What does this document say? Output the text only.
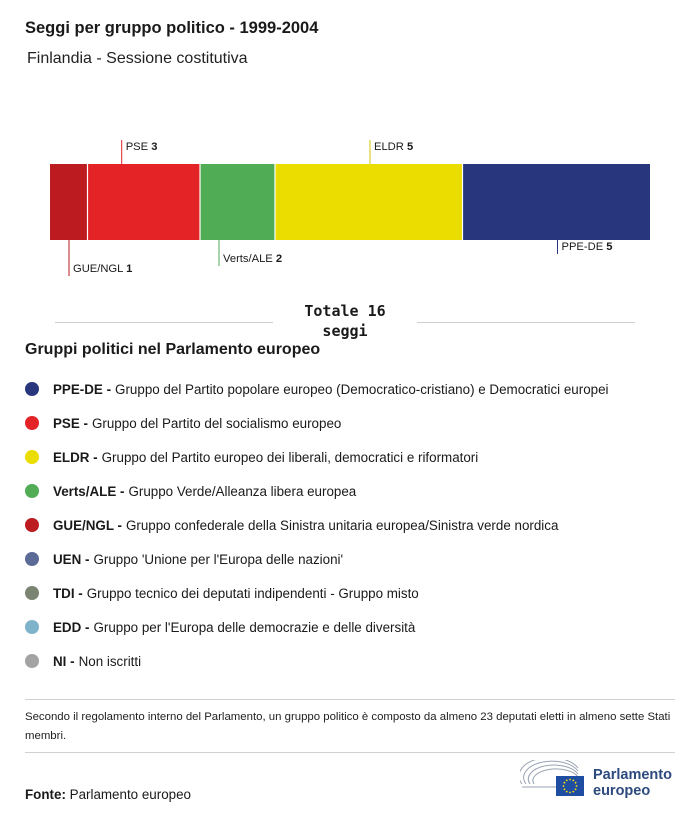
Seggi per gruppo politico - 1999-2004

Finlandia - Sessione costitutiva

GUE/NGL 1
PSE 3
Verts/ALE 2
ELDR 5
PPE-DE 5
Totale 16
seggi
Gruppi politici nel Parlamento europeo
PPE-DE - Gruppo del Partito popolare europeo (Democratico-cristiano) e Democratici europei
PSE - Gruppo del Partito del socialismo europeo
ELDR - Gruppo del Partito europeo dei liberali, democratici e riformatori
Verts/ALE - Gruppo Verde/Alleanza libera europea
GUE/NGL - Gruppo confederale della Sinistra unitaria europea/Sinistra verde nordica
UEN - Gruppo 'Unione per l'Europa delle nazioni'
TDI - Gruppo tecnico dei deputati indipendenti - Gruppo misto
EDD - Gruppo per l'Europa delle democrazie e delle diversità
NI - Non iscritti

Secondo il regolamento interno del Parlamento, un gruppo politico è composto da almeno 23 deputati eletti in almeno sette Stati membri.

Fonte: Parlamento europeo

Parlamento
europeo
